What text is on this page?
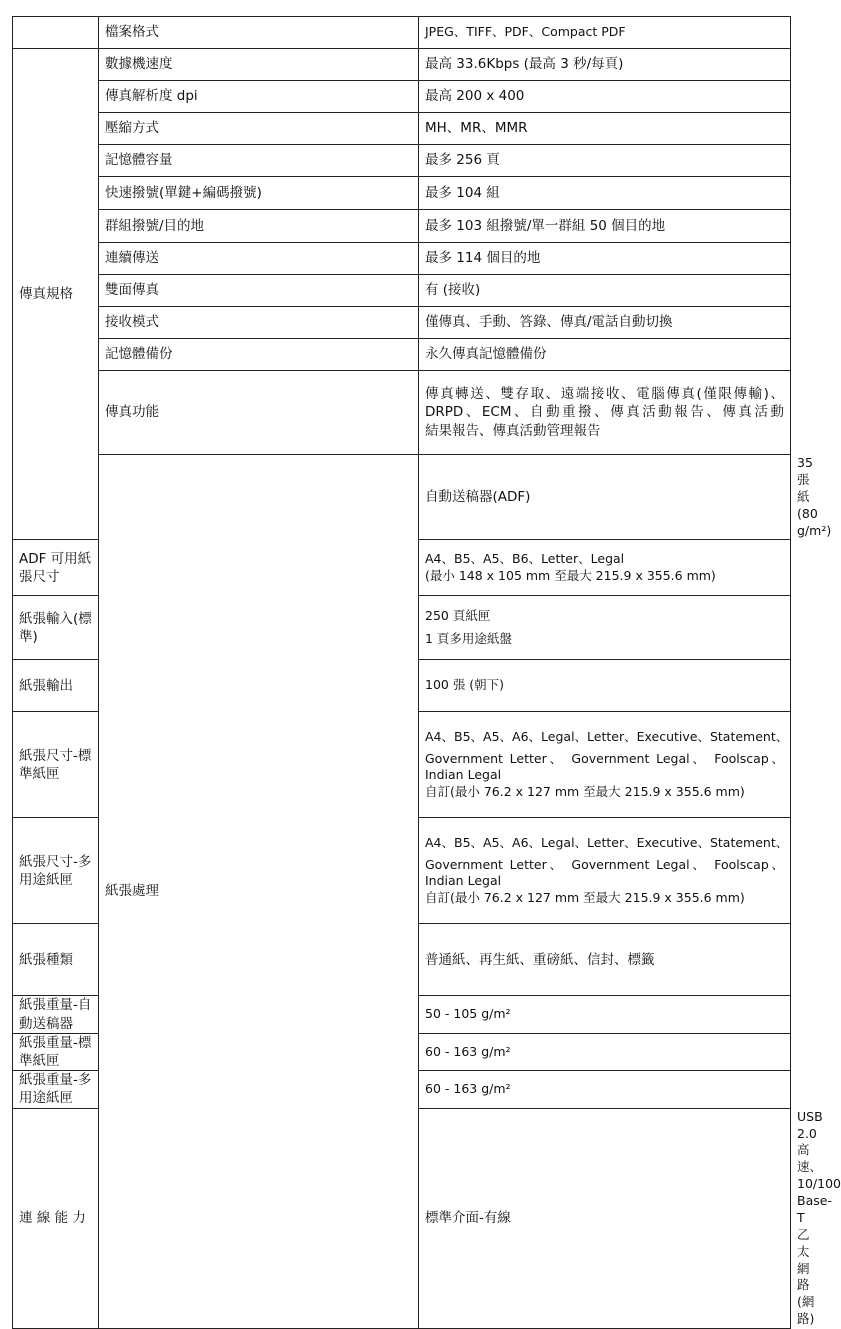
	檔案格式	JPEG、TIFF、PDF、Compact PDF	
傳真規格	數據機速度	最高 33.6Kbps (最高 3 秒/每頁)	
	傳真解析度 dpi	最高 200 x 400	
	壓縮方式	MH、MR、MMR	
	記憶體容量	最多 256 頁	
	快速撥號(單鍵+編碼撥號)	最多 104 組	
	群組撥號/目的地	最多 103 組撥號/單一群組 50 個目的地	
	連續傳送	最多 114 個目的地	
	雙面傳真	有 (接收)	
	接收模式	僅傳真、手動、答錄、傳真/電話自動切換	
	記憶體備份	永久傳真記憶體備份	
	傳真功能	傳真轉送、雙存取、遠端接收、電腦傳真(僅限傳輸)、
DRPD、ECM、自動重撥、傳真活動報告、傳真活動
結果報告、傳真活動管理報告	

	紙張處理	自動送稿器(ADF)	35 張紙 (80 g/m²)
ADF 可用紙張尺寸		A4、B5、A5、B6、Letter、Legal
(最小 148 x 105 mm 至最大 215.9 x 355.6 mm)	

紙張輸入(標準)		250 頁紙匣
1 頁多用途紙盤	

紙張輸出		100 張 (朝下)	
紙張尺寸-標準紙匣		A4、B5、A5、A6、Legal、Letter、Executive、Statement、
Government Letter、 Government Legal、 Foolscap、
Indian Legal
自訂(最小 76.2 x 127 mm 至最大 215.9 x 355.6 mm)	

紙張尺寸-多用途紙匣		A4、B5、A5、A6、Legal、Letter、Executive、Statement、
Government Letter、 Government Legal、 Foolscap、
Indian Legal
自訂(最小 76.2 x 127 mm 至最大 215.9 x 355.6 mm)	

紙張種類		普通紙、再生紙、重磅紙、信封、標籤	
紙張重量-自動送稿器		50 - 105 g/m²	
紙張重量-標準紙匣		60 - 163 g/m²	
紙張重量-多用途紙匣		60 - 163 g/m²	
連 線 能 力		標準介面-有線	USB 2.0 高速、10/100 Base-T 乙太網路(網路)
